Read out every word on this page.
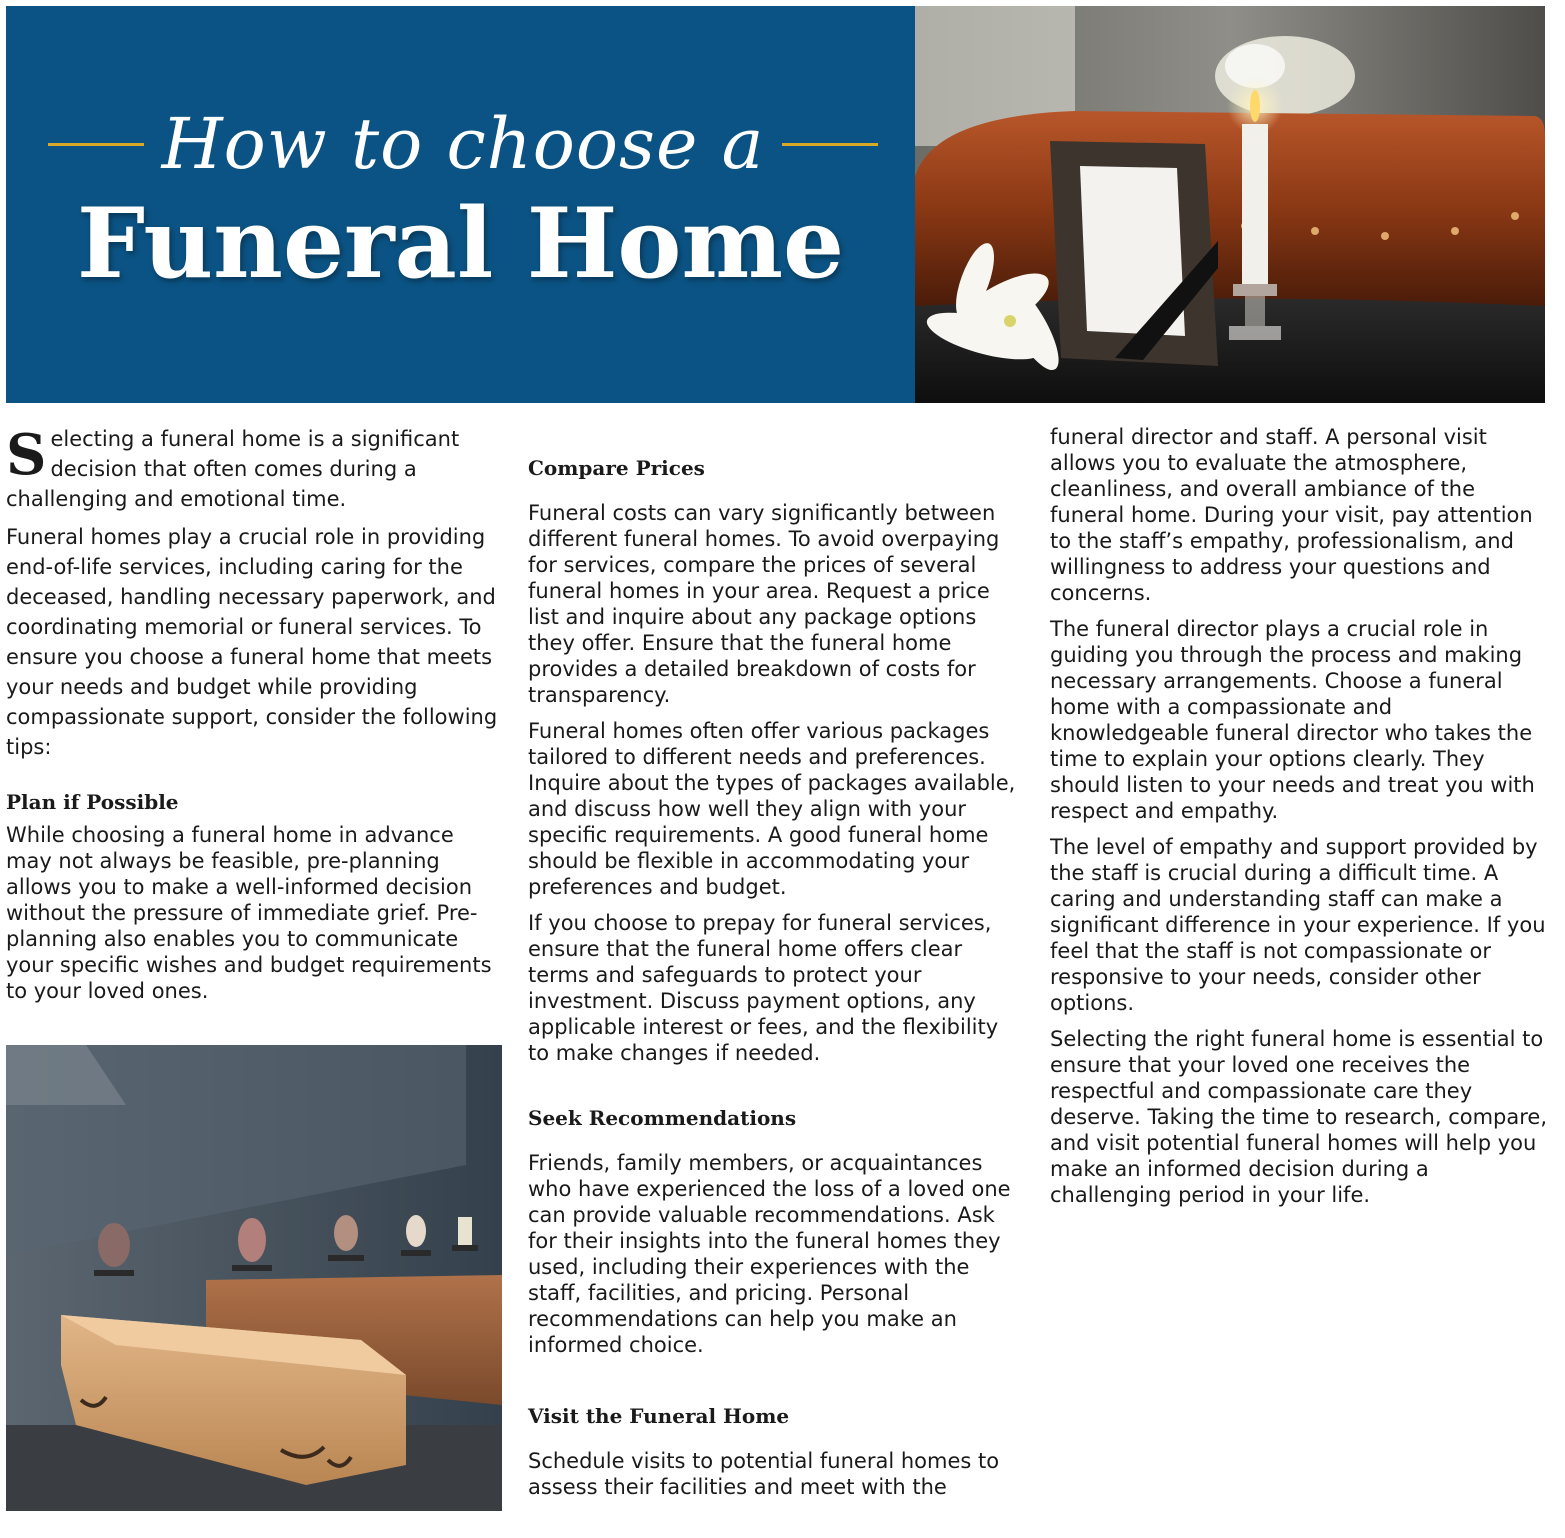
How to choose a
Funeral Home

Selecting a funeral home is a significant decision that often comes during a challenging and emotional time.

Funeral homes play a crucial role in providing end-of-life services, including caring for the deceased, handling necessary paperwork, and coordinating memorial or funeral services. To ensure you choose a funeral home that meets your needs and budget while providing compassionate support, consider the following tips:

Plan if Possible

While choosing a funeral home in advance may not always be feasible, pre-planning allows you to make a well-informed decision without the pressure of immediate grief. Pre-planning also enables you to communicate your specific wishes and budget requirements to your loved ones.

Compare Prices

Funeral costs can vary significantly between different funeral homes. To avoid overpaying for services, compare the prices of several funeral homes in your area. Request a price list and inquire about any package options they offer. Ensure that the funeral home provides a detailed breakdown of costs for transparency.

Funeral homes often offer various packages tailored to different needs and preferences. Inquire about the types of packages available, and discuss how well they align with your specific requirements. A good funeral home should be flexible in accommodating your preferences and budget.

If you choose to prepay for funeral services, ensure that the funeral home offers clear terms and safeguards to protect your investment. Discuss payment options, any applicable interest or fees, and the flexibility to make changes if needed.

Seek Recommendations

Friends, family members, or acquaintances who have experienced the loss of a loved one can provide valuable recommendations. Ask for their insights into the funeral homes they used, including their experiences with the staff, facilities, and pricing. Personal recommendations can help you make an informed choice.

Visit the Funeral Home

Schedule visits to potential funeral homes to assess their facilities and meet with the

funeral director and staff. A personal visit allows you to evaluate the atmosphere, cleanliness, and overall ambiance of the funeral home. During your visit, pay attention to the staff’s empathy, professionalism, and willingness to address your questions and concerns.

The funeral director plays a crucial role in guiding you through the process and making necessary arrangements. Choose a funeral home with a compassionate and knowledgeable funeral director who takes the time to explain your options clearly. They should listen to your needs and treat you with respect and empathy.

The level of empathy and support provided by the staff is crucial during a difficult time. A caring and understanding staff can make a significant difference in your experience. If you feel that the staff is not compassionate or responsive to your needs, consider other options.

Selecting the right funeral home is essential to ensure that your loved one receives the respectful and compassionate care they deserve. Taking the time to research, compare, and visit potential funeral homes will help you make an informed decision during a challenging period in your life.
